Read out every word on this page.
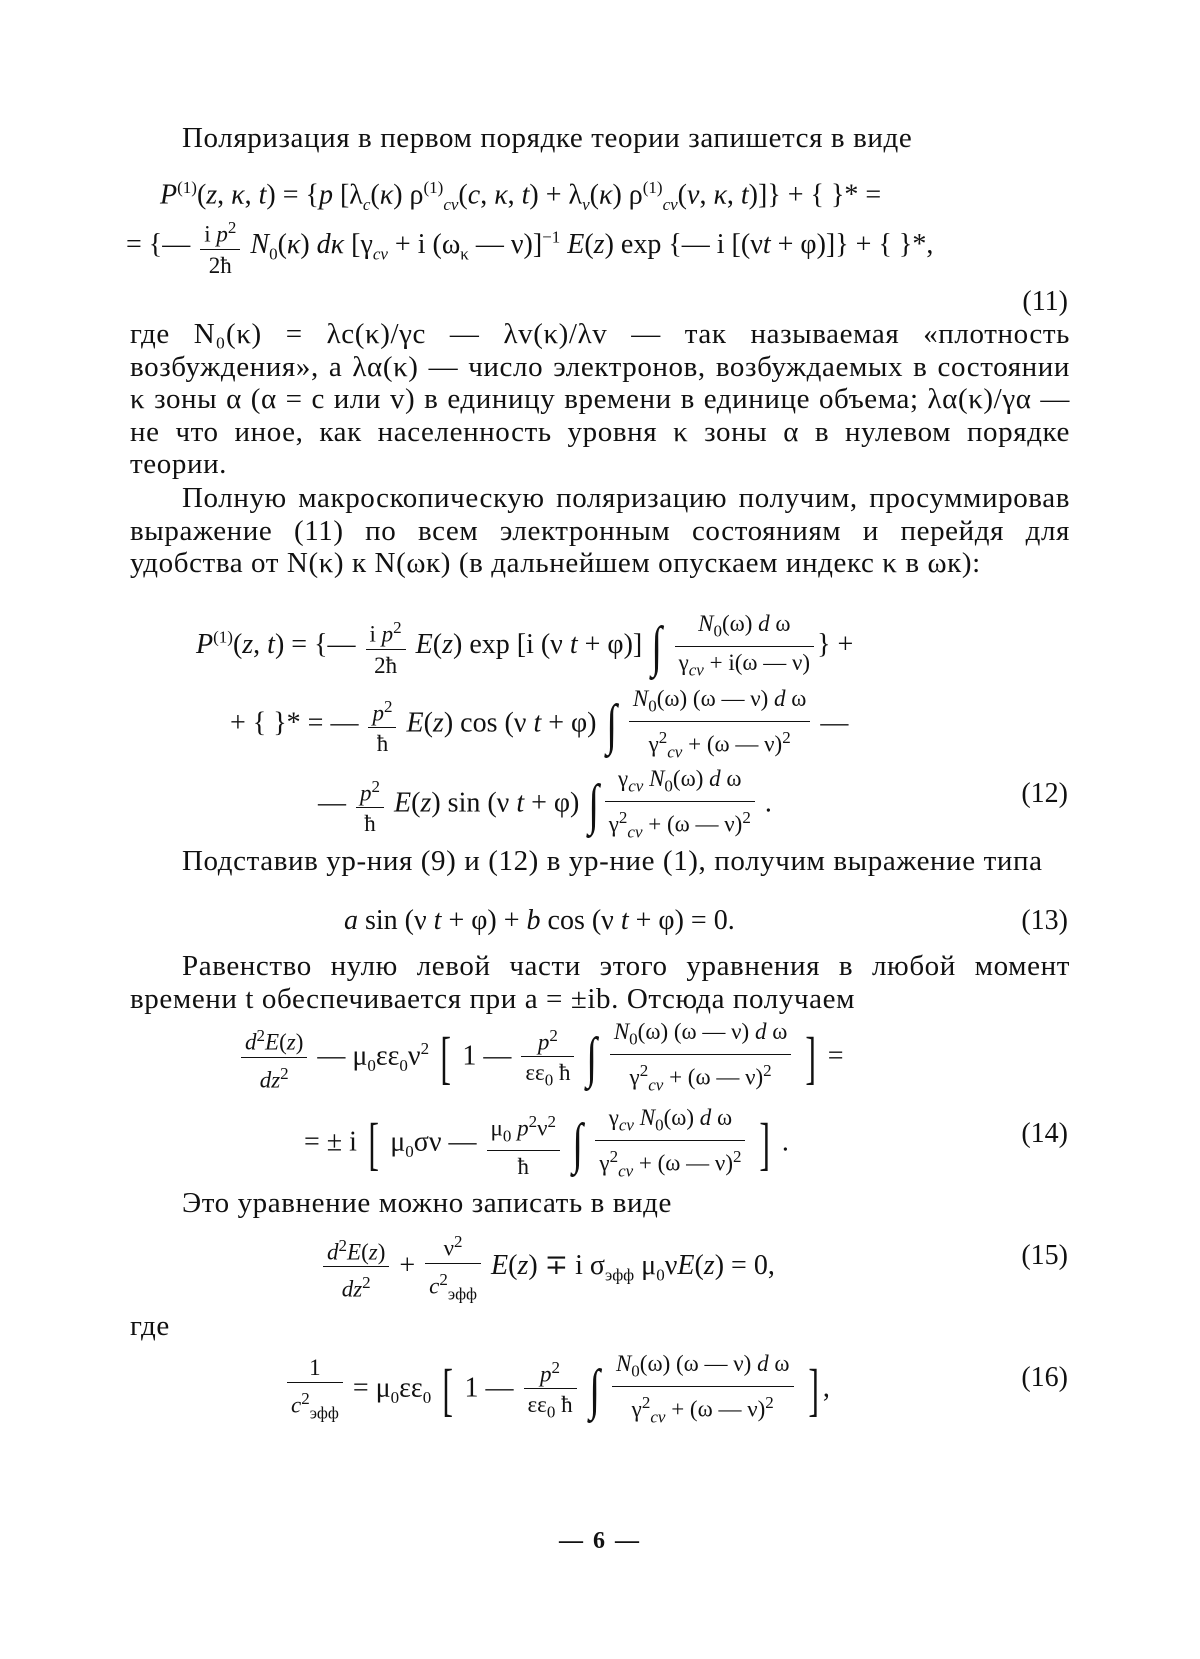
Поляризация в первом порядке теории запишется в виде
$P^{(1)}(z$, κ, t) = {p [$\lambda_c(\kappa)$ $\rho^{(1)}_{cv}(c$, κ, $t) + \lambda_v(\kappa)$ $\rho^{(1)}_{cv}(v$, κ, t)]} + { }* =
= {— $\frac{i p^2}{2ħ} N_0(\kappa)$ dκ [$\gamma_{cv} + i$ ($\omega_\kappa$ — ν)]$^{-1}$ E(z) exp {— i [(νt + φ)]} + { }*,
(11)
где N₀(κ) = λc(κ)/γc — λv(κ)/λv — так называемая «плотность возбуждения», а λα(κ) — число электронов, возбуждаемых в состоянии κ зоны α (α = c или v) в единицу времени в единице объема; λα(κ)/γα — не что иное, как населенность уровня κ зоны α в нулевом порядке теории.
Полную макроскопическую поляризацию получим, просуммировав выражение (11) по всем электронным состояниям и перейдя для удобства от N(κ) к N(ωк) (в дальнейшем опускаем индекс κ в ωк):
$P^{(1)}(z$, t) = {— $\frac{i p^2}{2ħ} E(z)$ exp [i (ν t + φ)] ∫ $\frac{N_0(\omega) d \omega}{\gamma_{cv} + i(\omega — \nu)}$ } +
+ { }* = — $\frac{p^2}{ħ} E(z)$ cos (ν t + φ) ∫ $\frac{N_0(\omega) (\omega — \nu) d \omega}{\gamma^2_{cv} + (\omega — \nu)^2}$ —
— $\frac{p^2}{ħ} E(z)$ sin (ν t + φ) ∫ $\frac{\gamma_{cv} N_0(\omega) d \omega}{\gamma^2_{cv} + (\omega — \nu)^2}$ .	(12)
Подставив ур-ния (9) и (12) в ур-ние (1), получим выражение типа
a sin (ν t + φ) + b cos (ν t + φ) = 0.	(13)
Равенство нулю левой части этого уравнения в любой момент времени t обеспечивается при a = ±ib. Отсюда получаем
$\frac{d^2E(z)}{dz^2}$ — $\mu_0\varepsilon\varepsilon_0\nu^2$ [ 1 — $\frac{p^2}{\varepsilon\varepsilon_0 ħ}$ ∫ $\frac{N_0(\omega) (\omega — \nu) d \omega}{\gamma^2_{cv} + (\omega — \nu)^2}$ ] =
= ± i [ $\mu_0\sigma\nu$ — $\frac{\mu_0 p^2\nu^2}{ħ}$ ∫ $\frac{\gamma_{cv} N_0(\omega) d \omega}{\gamma^2_{cv} + (\omega — \nu)^2}$ ] .	(14)
Это уравнение можно записать в виде
$\frac{d^2E(z)}{dz^2} + \frac{\nu^2}{c^2_{эфф}} E(z) \mp i$ $\sigma_{эфф}$ $\mu_0\nu E(z) = 0$,	(15)
где
$\frac{1}{c^2_{эфф}} = \mu_0\varepsilon\varepsilon_0$ [ 1 — $\frac{p^2}{\varepsilon\varepsilon_0 ħ}$ ∫ $\frac{N_0(\omega) (\omega — \nu) d \omega}{\gamma^2_{cv} + (\omega — \nu)^2}$ ] ,	(16)
— 6 —
